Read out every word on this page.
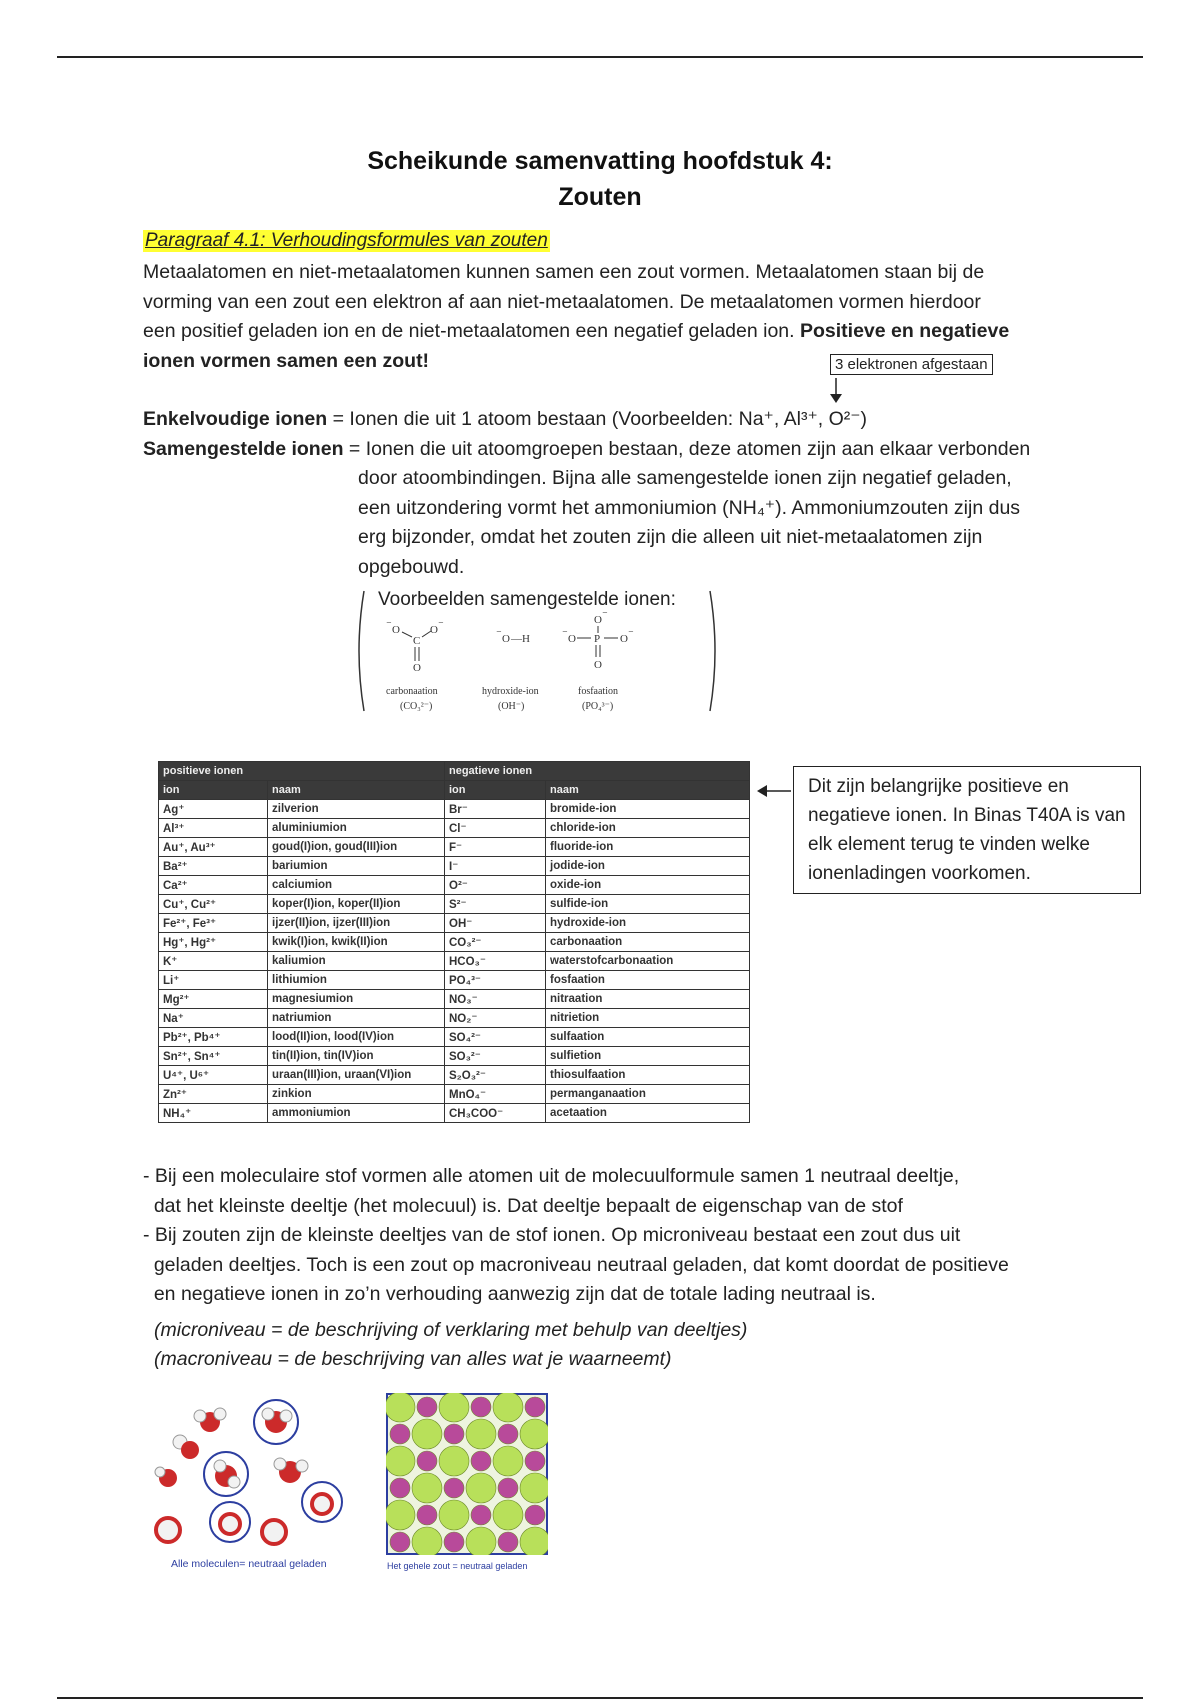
Scheikunde samenvatting hoofdstuk 4:
Zouten
Paragraaf 4.1: Verhoudingsformules van zouten
Metaalatomen en niet-metaalatomen kunnen samen een zout vormen. Metaalatomen staan bij de
vorming van een zout een elektron af aan niet-metaalatomen. De metaalatomen vormen hierdoor
een positief geladen ion en de niet-metaalatomen een negatief geladen ion. Positieve en negatieve
ionen vormen samen een zout!	3 elektronen afgestaan
Enkelvoudige ionen = Ionen die uit 1 atoom bestaan (Voorbeelden: Na⁺, Al³⁺, O²⁻)
Samengestelde ionen = Ionen die uit atoomgroepen bestaan, deze atomen zijn aan elkaar verbonden
door atoombindingen. Bijna alle samengestelde ionen zijn negatief geladen,
een uitzondering vormt het ammoniumion (NH₄⁺). Ammoniumzouten zijn dus
erg bijzonder, omdat het zouten zijn die alleen uit niet-metaalatomen zijn
opgebouwd.
Voorbeelden samengestelde ionen:
⁻ O
C
O ⁻
O
carbonaation
(CO₃²⁻)
⁻ O —H
hydroxide-ion
(OH⁻)
O ⁻
⁻ O P O ⁻
O
fosfaation
(PO₄³⁻)
positieve ionen		negatieve ionen	
ion	naam	ion	naam
Ag⁺	zilverion	Br⁻	bromide-ion
Al³⁺	aluminiumion	Cl⁻	chloride-ion
Au⁺, Au³⁺	goud(I)ion, goud(III)ion	F⁻	fluoride-ion
Ba²⁺	bariumion	I⁻	jodide-ion
Ca²⁺	calciumion	O²⁻	oxide-ion
Cu⁺, Cu²⁺	koper(I)ion, koper(II)ion	S²⁻	sulfide-ion
Fe²⁺, Fe³⁺	ijzer(II)ion, ijzer(III)ion	OH⁻	hydroxide-ion
Hg⁺, Hg²⁺	kwik(I)ion, kwik(II)ion	CO₃²⁻	carbonaation
K⁺	kaliumion	HCO₃⁻	waterstofcarbonaation
Li⁺	lithiumion	PO₄³⁻	fosfaation
Mg²⁺	magnesiumion	NO₃⁻	nitraation
Na⁺	natriumion	NO₂⁻	nitrietion
Pb²⁺, Pb⁴⁺	lood(II)ion, lood(IV)ion	SO₄²⁻	sulfaation
Sn²⁺, Sn⁴⁺	tin(II)ion, tin(IV)ion	SO₃²⁻	sulfietion
U⁴⁺, U⁶⁺	uraan(III)ion, uraan(VI)ion	S₂O₃²⁻	thiosulfaation
Zn²⁺	zinkion	MnO₄⁻	permanganaation
NH₄⁺	ammoniumion	CH₃COO⁻	acetaation
Dit zijn belangrijke positieve en negatieve ionen. In Binas T40A is van elk element terug te vinden welke ionenladingen voorkomen.
- Bij een moleculaire stof vormen alle atomen uit de molecuulformule samen 1 neutraal deeltje,
dat het kleinste deeltje (het molecuul) is. Dat deeltje bepaalt de eigenschap van de stof
- Bij zouten zijn de kleinste deeltjes van de stof ionen. Op microniveau bestaat een zout dus uit
geladen deeltjes. Toch is een zout op macroniveau neutraal geladen, dat komt doordat de positieve
en negatieve ionen in zo’n verhouding aanwezig zijn dat de totale lading neutraal is.
(microniveau = de beschrijving of verklaring met behulp van deeltjes)
(macroniveau = de beschrijving van alles wat je waarneemt)
Alle moleculen= neutraal geladen	Het gehele zout = neutraal geladen
